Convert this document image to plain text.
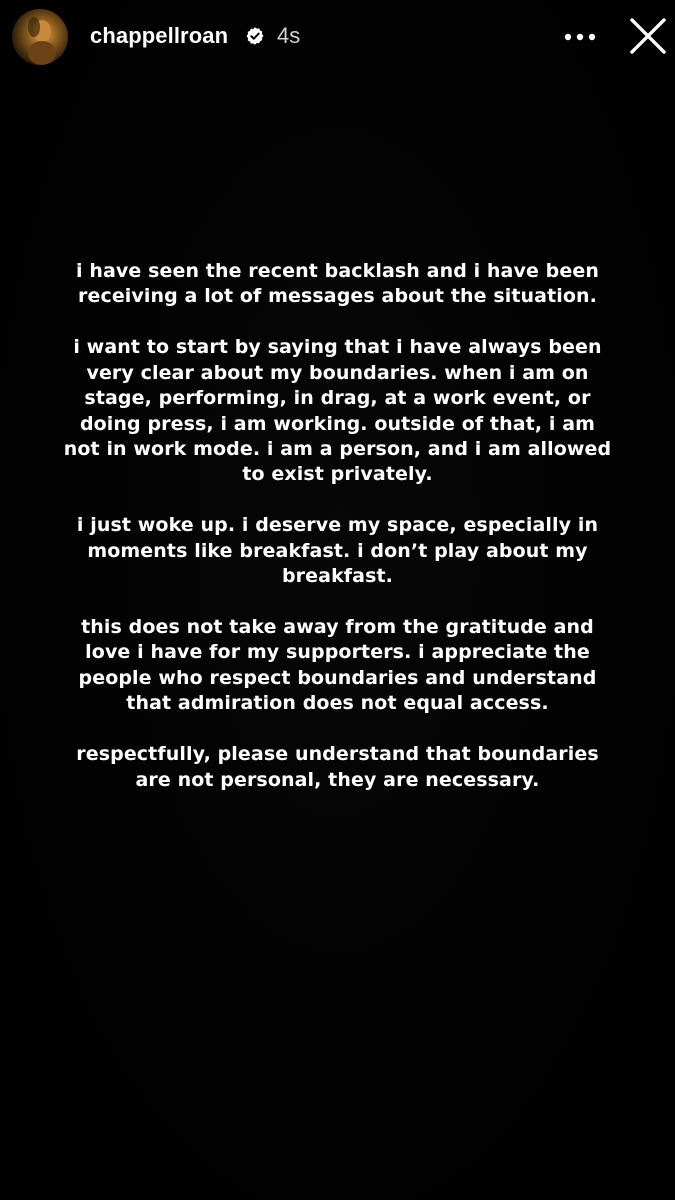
chappellroan 4s

i have seen the recent backlash and i have been receiving a lot of messages about the situation.

i want to start by saying that i have always been very clear about my boundaries. when i am on stage, performing, in drag, at a work event, or doing press, i am working. outside of that, i am not in work mode. i am a person, and i am allowed to exist privately.

i just woke up. i deserve my space, especially in moments like breakfast. i don’t play about my breakfast.

this does not take away from the gratitude and love i have for my supporters. i appreciate the people who respect boundaries and understand that admiration does not equal access.

respectfully, please understand that boundaries are not personal, they are necessary.
